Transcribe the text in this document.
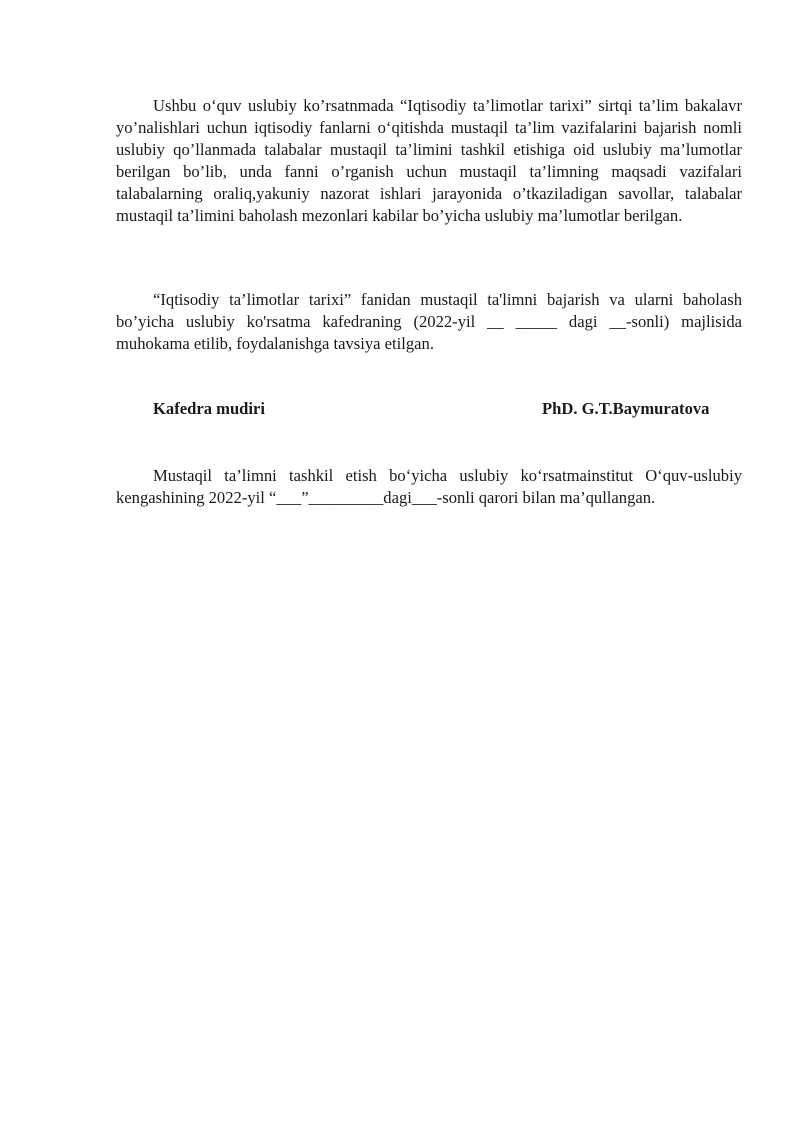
Ushbu o‘quv uslubiy ko’rsatnmada “Iqtisodiy ta’limotlar tarixi” sirtqi ta’lim bakalavr yo’nalishlari uchun iqtisodiy fanlarni o‘qitishda mustaqil ta’lim vazifalarini bajarish nomli uslubiy qo’llanmada talabalar mustaqil ta’limini tashkil etishiga oid uslubiy ma’lumotlar berilgan bo’lib, unda fanni o’rganish uchun mustaqil ta’limning maqsadi vazifalari talabalarning oraliq,yakuniy nazorat ishlari jarayonida o’tkaziladigan savollar, talabalar mustaqil ta’limini baholash mezonlari kabilar bo’yicha uslubiy ma’lumotlar berilgan.

“Iqtisodiy ta’limotlar tarixi” fanidan mustaqil ta'limni bajarish va ularni baholash bo’yicha uslubiy ko'rsatma kafedraning (2022-yil __ _____ dagi __-sonli) majlisida muhokama etilib, foydalanishga tavsiya etilgan.

Kafedra mudiri	PhD. G.T.Baymuratova

Mustaqil ta’limni tashkil etish bo‘yicha uslubiy ko‘rsatmainstitut O‘quv-uslubiy kengashining 2022-yil “___”_________dagi___-sonli qarori bilan ma’qullangan.
